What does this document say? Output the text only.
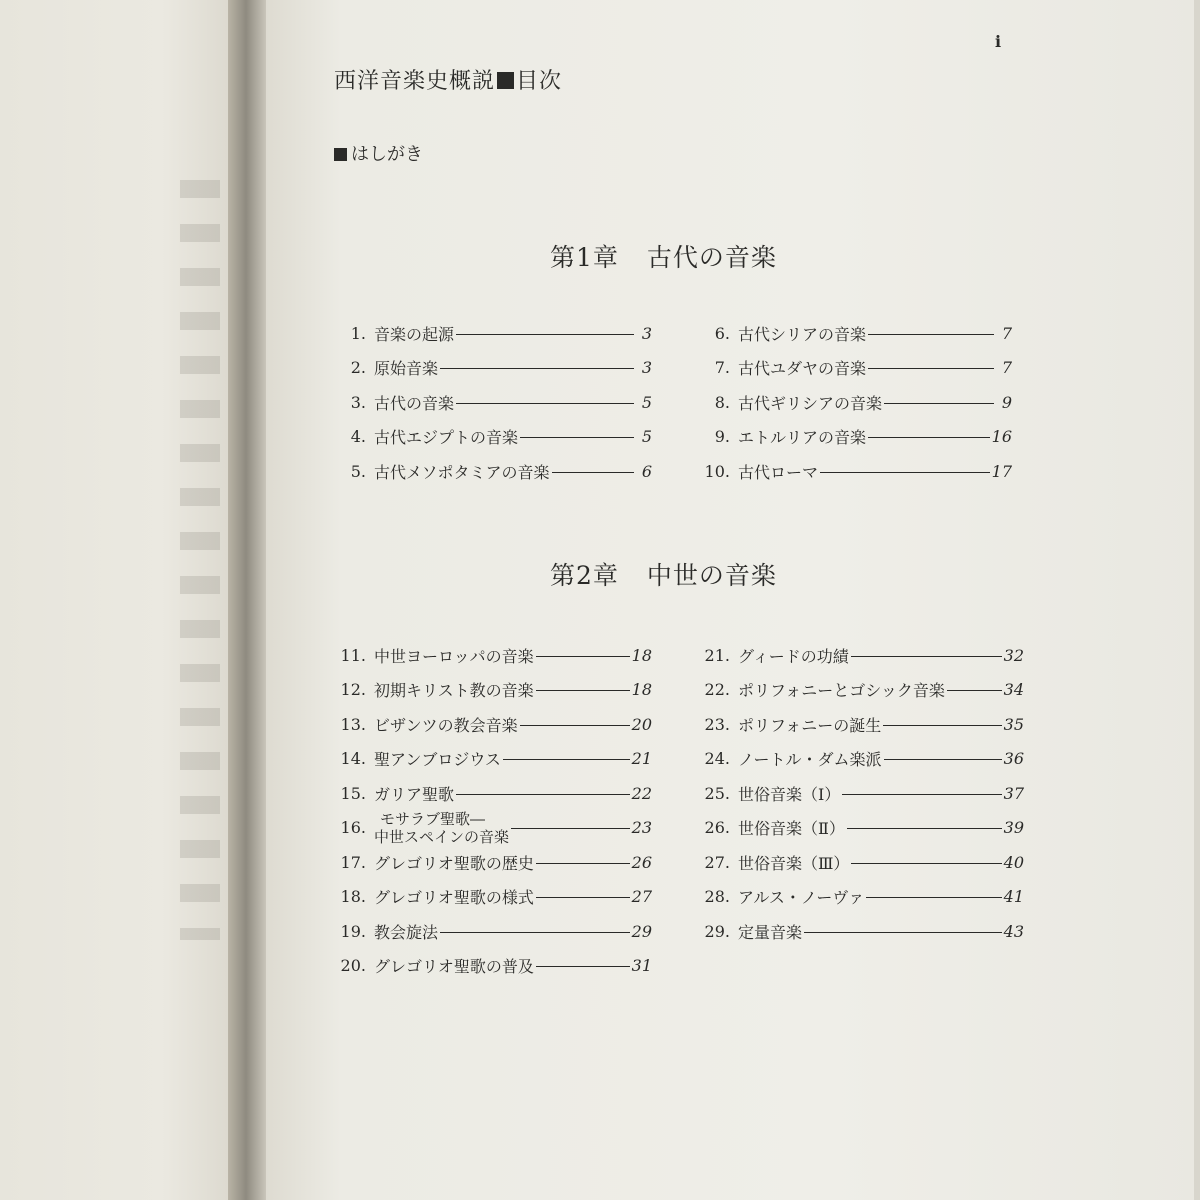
i
西洋音楽史概説 目次
はしがき
第1章 古代の音楽
1. 音楽の起源	3
2. 原始音楽	3
3. 古代の音楽	5
4. 古代エジプトの音楽	5
5. 古代メソポタミアの音楽	6
6. 古代シリアの音楽	7
7. 古代ユダヤの音楽	7
8. 古代ギリシアの音楽	9
9. エトルリアの音楽	16
10. 古代ローマ	17
第2章 中世の音楽
11. 中世ヨーロッパの音楽	18
12. 初期キリスト教の音楽	18
13. ビザンツの教会音楽	20
14. 聖アンブロジウス	21
15. ガリア聖歌	22
16. モサラブ聖歌―
中世スペインの音楽	23
17. グレゴリオ聖歌の歴史	26
18. グレゴリオ聖歌の様式	27
19. 教会旋法	29
20. グレゴリオ聖歌の普及	31
21. グィードの功績	32
22. ポリフォニーとゴシック音楽	34
23. ポリフォニーの誕生	35
24. ノートル・ダム楽派	36
25. 世俗音楽（Ⅰ）	37
26. 世俗音楽（Ⅱ）	39
27. 世俗音楽（Ⅲ）	40
28. アルス・ノーヴァ	41
29. 定量音楽	43
